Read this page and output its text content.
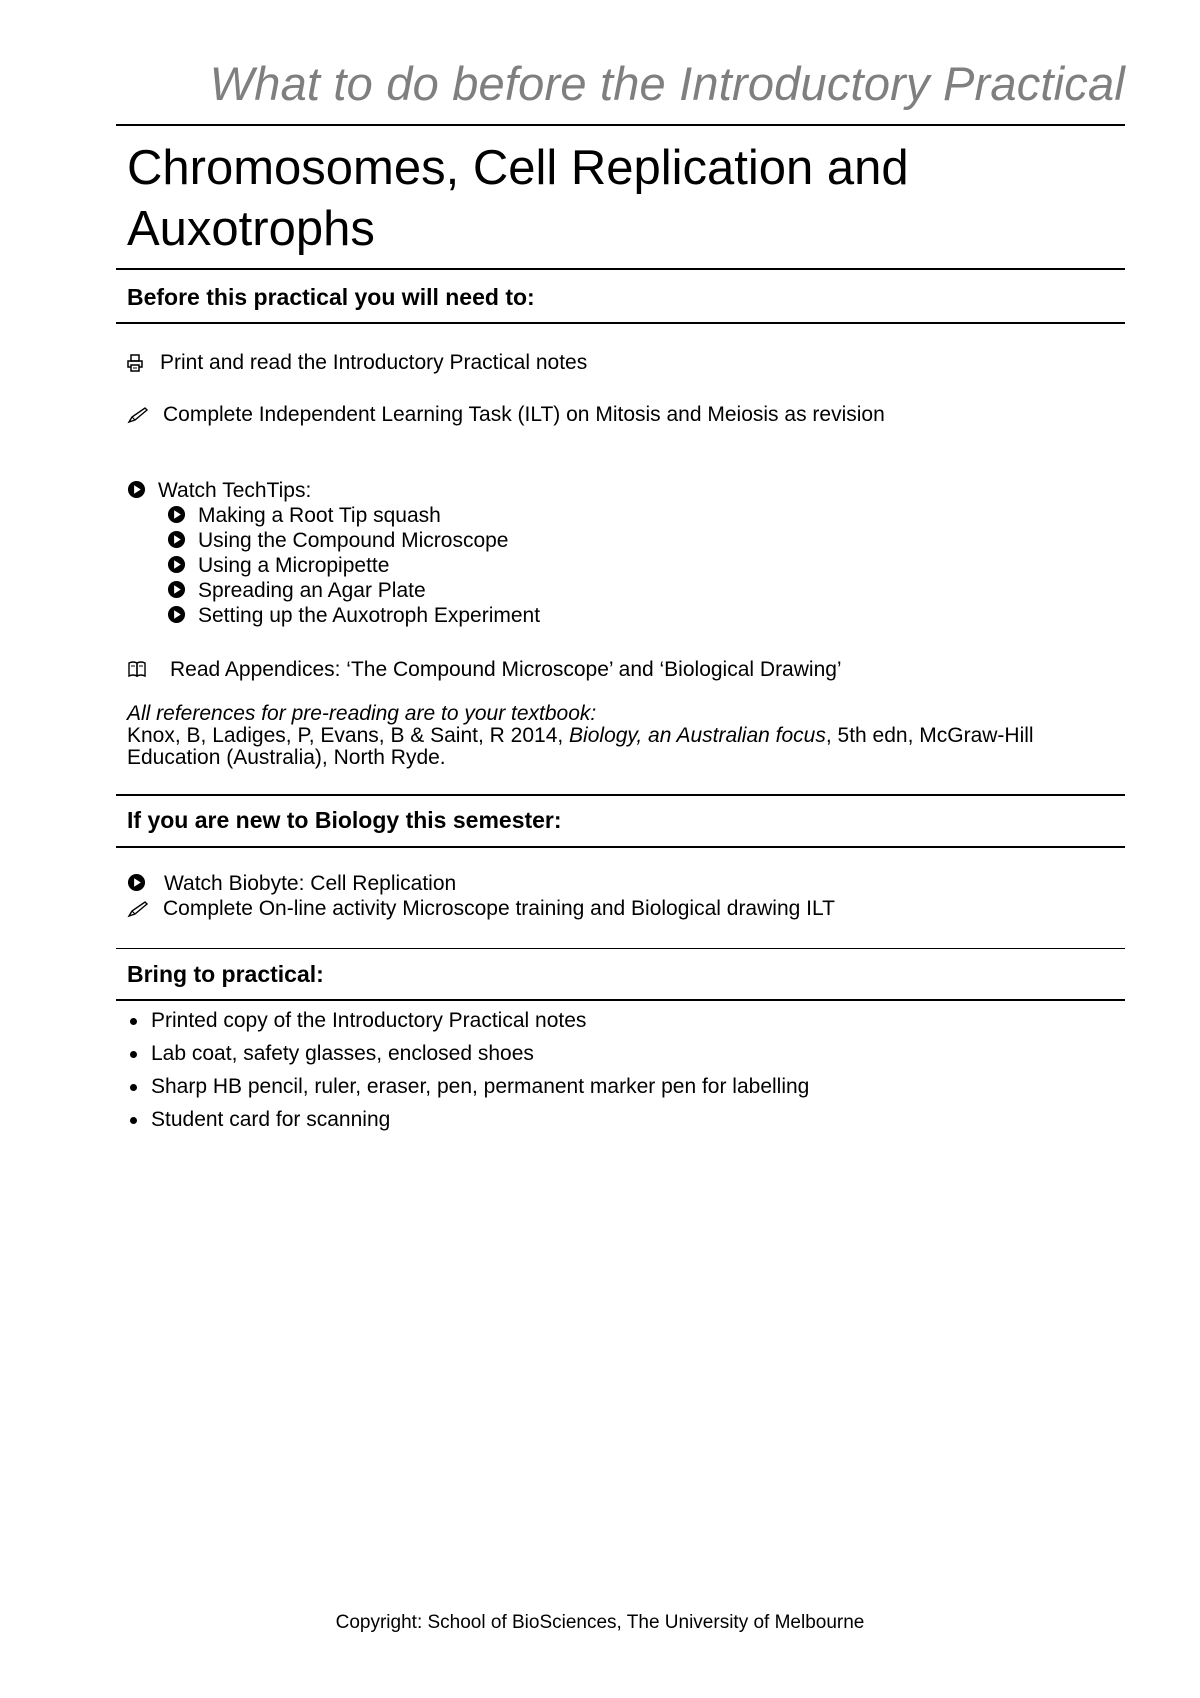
What to do before the Introductory Practical
Chromosomes, Cell Replication and
Auxotrophs
Before this practical you will need to:
Print and read the Introductory Practical notes
Complete Independent Learning Task (ILT) on Mitosis and Meiosis as revision
Watch TechTips:
Making a Root Tip squash
Using the Compound Microscope
Using a Micropipette
Spreading an Agar Plate
Setting up the Auxotroph Experiment
Read Appendices: ‘The Compound Microscope’ and ‘Biological Drawing’
All references for pre-reading are to your textbook:
Knox, B, Ladiges, P, Evans, B & Saint, R 2014, Biology, an Australian focus, 5th edn, McGraw-Hill Education (Australia), North Ryde.
If you are new to Biology this semester:
Watch Biobyte: Cell Replication
Complete On-line activity Microscope training and Biological drawing ILT
Bring to practical:
Printed copy of the Introductory Practical notes
Lab coat, safety glasses, enclosed shoes
Sharp HB pencil, ruler, eraser, pen, permanent marker pen for labelling
Student card for scanning
Copyright: School of BioSciences, The University of Melbourne
